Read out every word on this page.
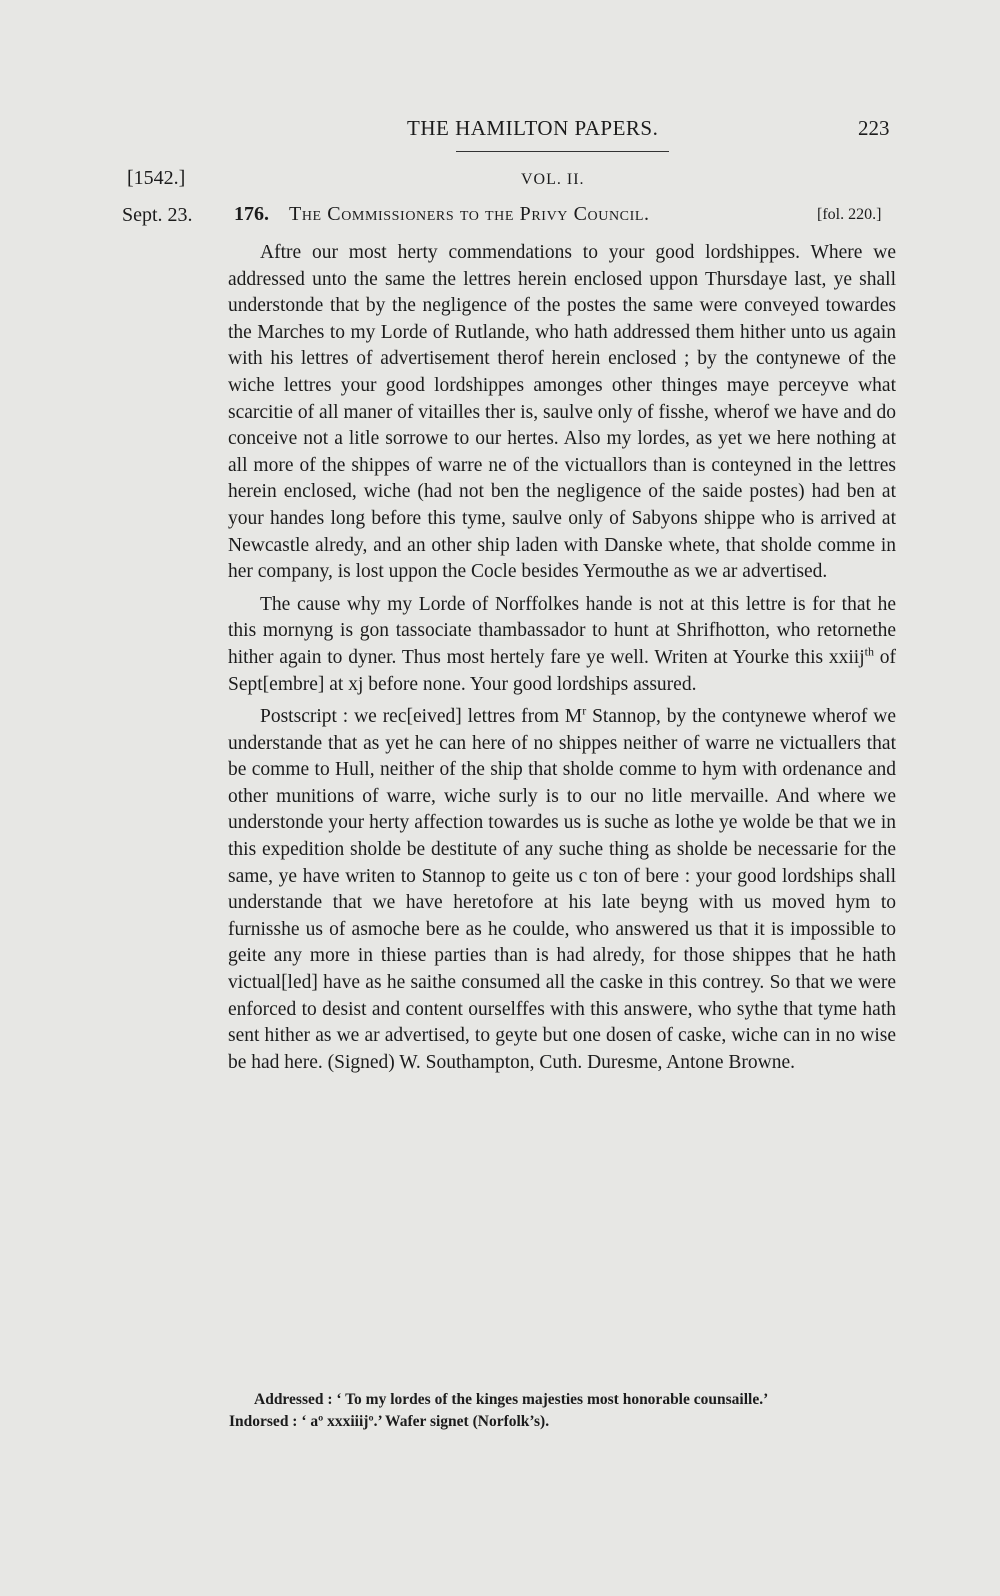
THE HAMILTON PAPERS.	223
[1542.]	VOL. II.
Sept. 23. 176. The Commissioners to the Privy Council.	[fol. 220.]

Aftre our most herty commendations to your good lordshippes. Where we addressed unto the same the lettres herein enclosed uppon Thursdaye last, ye shall understonde that by the negligence of the postes the same were conveyed towardes the Marches to my Lorde of Rutlande, who hath addressed them hither unto us again with his lettres of advertisement therof herein enclosed ; by the contynewe of the wiche lettres your good lordshippes amonges other thinges maye perceyve what scarcitie of all maner of vitailles ther is, saulve only of fisshe, wherof we have and do conceive not a litle sorrowe to our hertes. Also my lordes, as yet we here nothing at all more of the shippes of warre ne of the victuallors than is conteyned in the lettres herein enclosed, wiche (had not ben the negligence of the saide postes) had ben at your handes long before this tyme, saulve only of Sabyons shippe who is arrived at Newcastle alredy, and an other ship laden with Danske whete, that sholde comme in her company, is lost uppon the Cocle besides Yermouthe as we ar advertised.

The cause why my Lorde of Norffolkes hande is not at this lettre is for that he this mornyng is gon tassociate thambassador to hunt at Shrifhotton, who retornethe hither again to dyner. Thus most hertely fare ye well. Writen at Yourke this xxiij$^{th}$ of Sept[embre] at xj before none. Your good lordships assured.

Postscript : we rec[eived] lettres from $M^r$ Stannop, by the contynewe wherof we understande that as yet he can here of no shippes neither of warre ne victuallers that be comme to Hull, neither of the ship that sholde comme to hym with ordenance and other munitions of warre, wiche surly is to our no litle mervaille. And where we understonde your herty affection towardes us is suche as lothe ye wolde be that we in this expedition sholde be destitute of any suche thing as sholde be necessarie for the same, ye have writen to Stannop to geite us c ton of bere : your good lordships shall understande that we have heretofore at his late beyng with us moved hym to furnisshe us of asmoche bere as he coulde, who answered us that it is impossible to geite any more in thiese parties than is had alredy, for those shippes that he hath victual[led] have as he saithe consumed all the caske in this contrey. So that we were enforced to desist and content ourselffes with this answere, who sythe that tyme hath sent hither as we ar advertised, to geyte but one dosen of caske, wiche can in no wise be had here. (Signed) W. Southampton, Cuth. Duresme, Antone Browne.

Addressed : ‘ To my lordes of the kinges majesties most honorable counsaille.’
Indorsed : ‘ aº xxxiiijº.’ Wafer signet (Norfolk’s).
